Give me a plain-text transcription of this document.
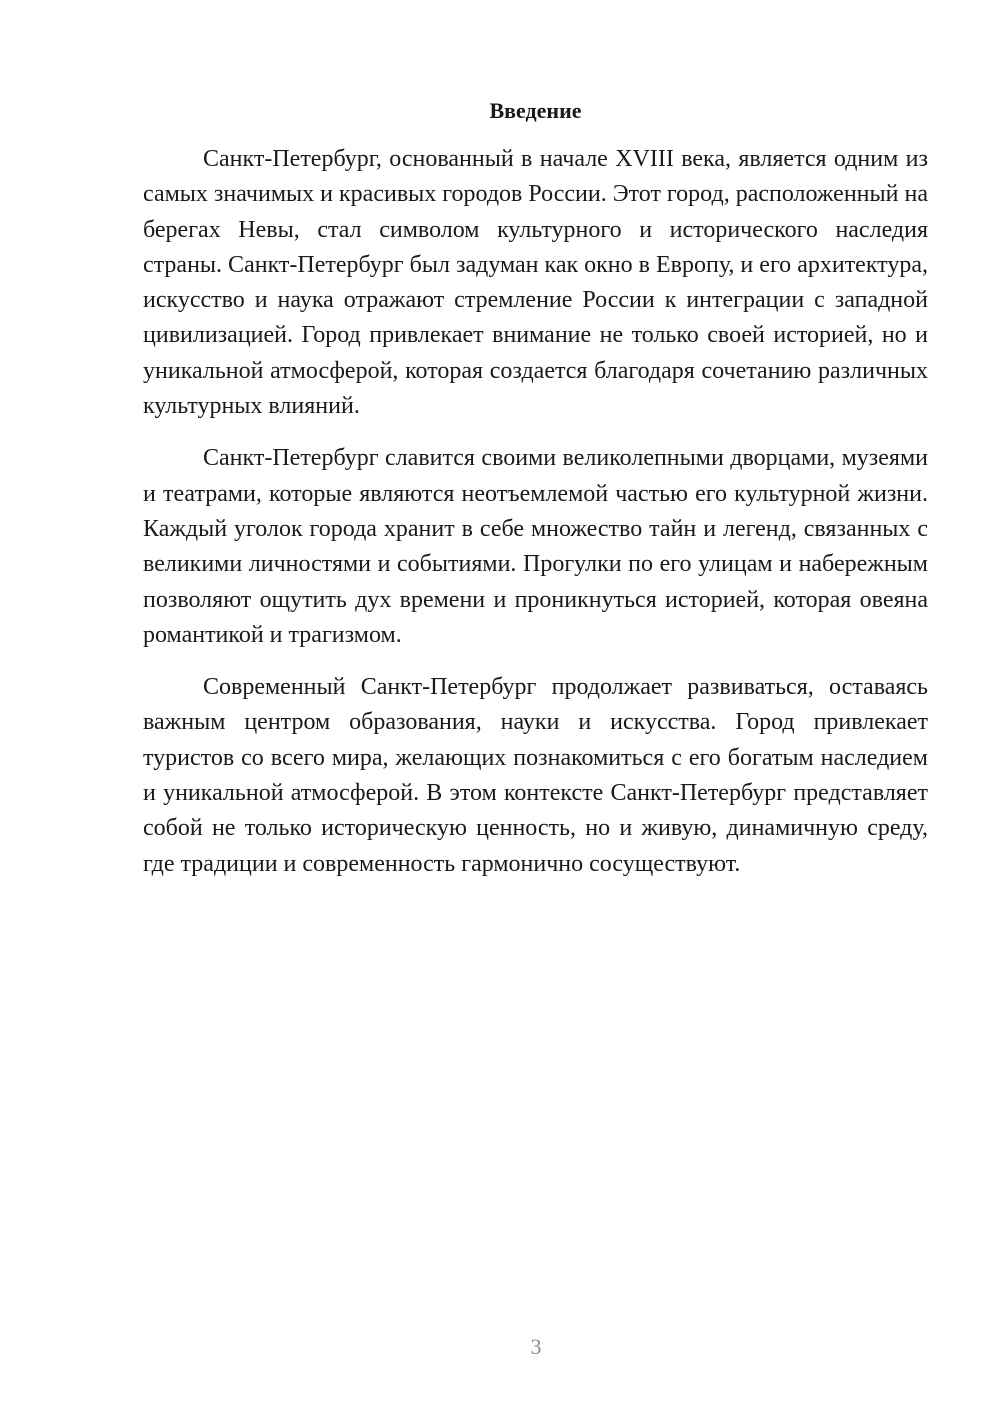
Введение

Санкт-Петербург, основанный в начале XVIII века, является одним из самых значимых и красивых городов России. Этот город, расположенный на берегах Невы, стал символом культурного и исторического наследия страны. Санкт-Петербург был задуман как окно в Европу, и его архитектура, искусство и наука отражают стремление России к интеграции с западной цивилизацией. Город привлекает внимание не только своей историей, но и уникальной атмосферой, которая создается благодаря сочетанию различных культурных влияний.

Санкт-Петербург славится своими великолепными дворцами, музеями и театрами, которые являются неотъемлемой частью его культурной жизни. Каждый уголок города хранит в себе множество тайн и легенд, связанных с великими личностями и событиями. Прогулки по его улицам и набережным позволяют ощутить дух времени и проникнуться историей, которая овеяна романтикой и трагизмом.

Современный Санкт-Петербург продолжает развиваться, оставаясь важным центром образования, науки и искусства. Город привлекает туристов со всего мира, желающих познакомиться с его богатым наследием и уникальной атмосферой. В этом контексте Санкт-Петербург представляет собой не только историческую ценность, но и живую, динамичную среду, где традиции и современность гармонично сосуществуют.

3
